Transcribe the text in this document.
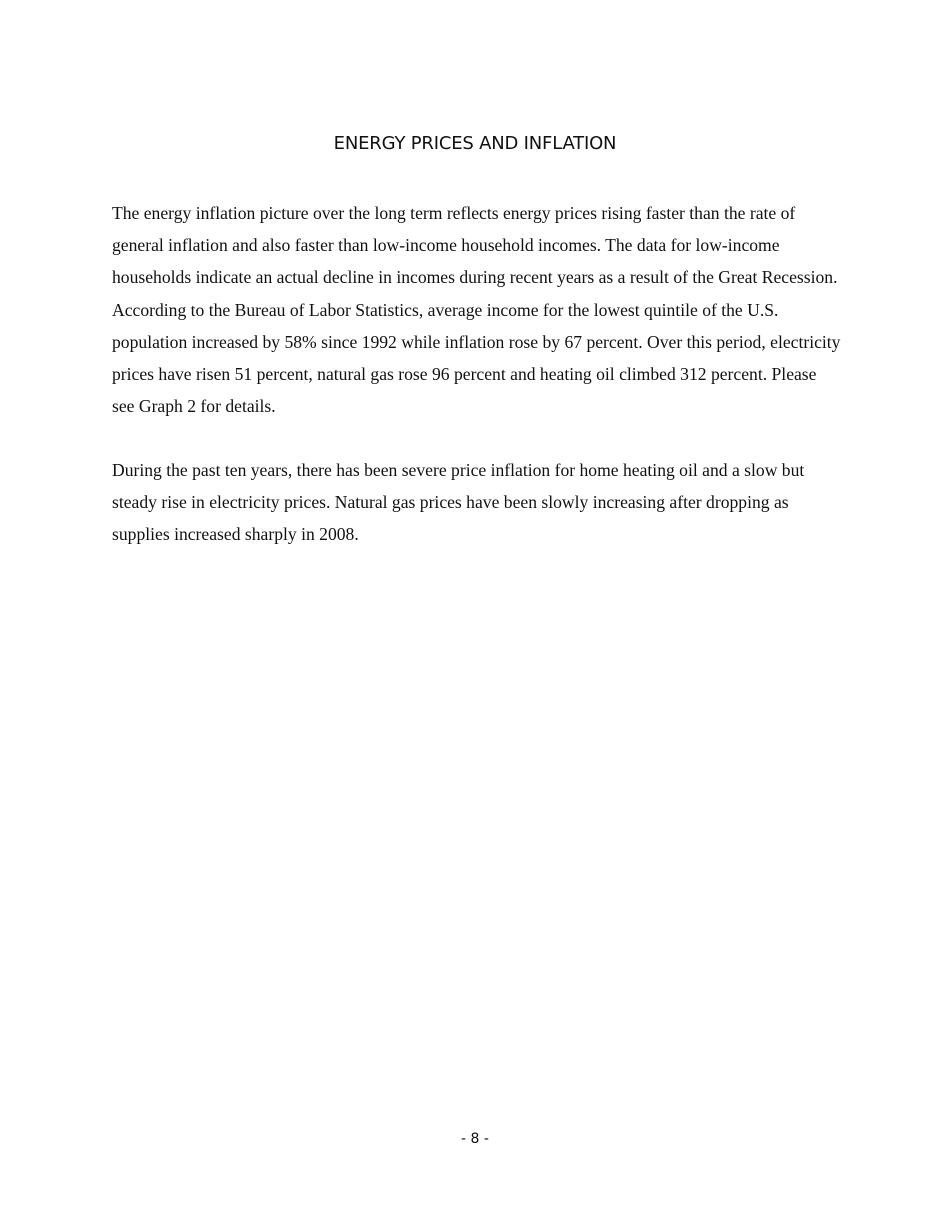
ENERGY PRICES AND INFLATION

The energy inflation picture over the long term reflects energy prices rising faster than the rate of general inflation and also faster than low-income household incomes. The data for low-income households indicate an actual decline in incomes during recent years as a result of the Great Recession. According to the Bureau of Labor Statistics, average income for the lowest quintile of the U.S. population increased by 58% since 1992 while inflation rose by 67 percent. Over this period, electricity prices have risen 51 percent, natural gas rose 96 percent and heating oil climbed 312 percent. Please see Graph 2 for details.

During the past ten years, there has been severe price inflation for home heating oil and a slow but steady rise in electricity prices. Natural gas prices have been slowly increasing after dropping as supplies increased sharply in 2008.

- 8 -
